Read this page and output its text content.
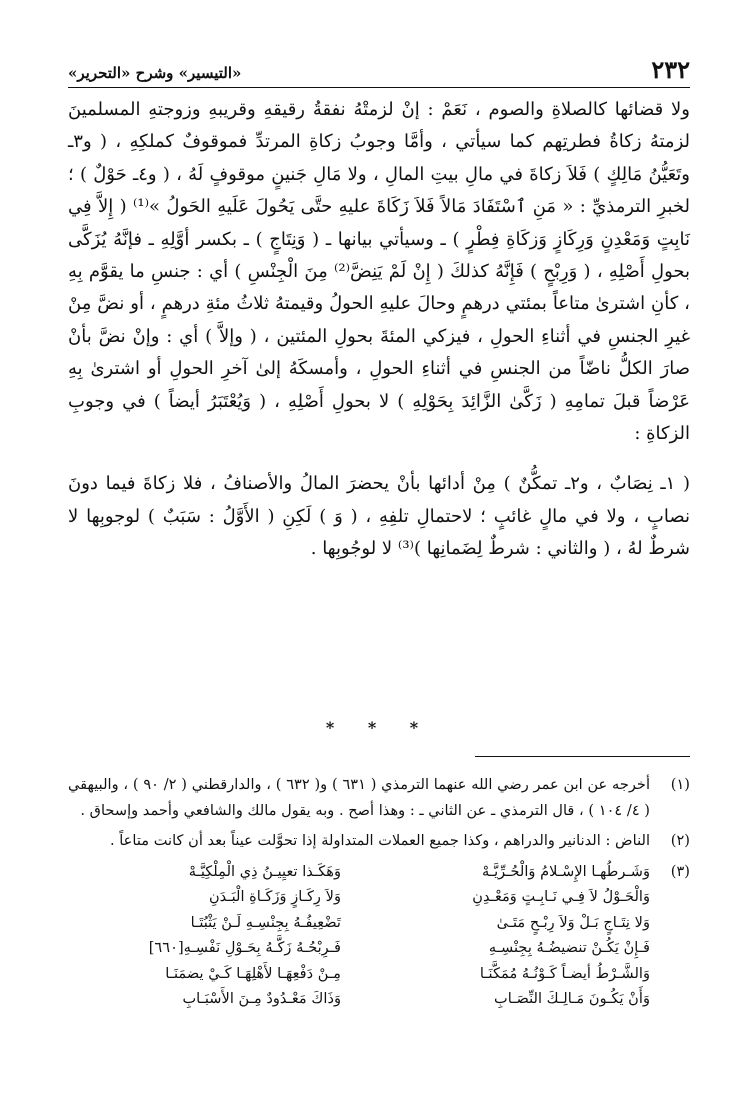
٢٣٢
«التيسير» وشرح «التحرير»

ولا قضائها كالصلاةِ والصوم ، نَعَمْ : إنْ لزمتْهُ نفقةُ رقيقهِ وقريبهِ وزوجتهِ المسلمينَ لزمتهُ زكاةُ فطرتِهم كما سيأتي ، وأمَّا وجوبُ زكاةِ المرتدِّ فموقوفٌ كملكِهِ ، ( و٣ـ وتَعَيُّنُ مَالِكٍ ) فَلاَ زكاةَ في مالِ بيتِ المالِ ، ولا مَالِ جَنينٍ موقوفٍ لَهُ ، ( و٤ـ حَوْلٌ ) ؛ لخبرِ الترمذيِّ : « مَنِ ٱسْتَفَادَ مَالاً فَلاَ زَكَاةَ عليهِ حتَّى يَحُولَ عَلَيهِ الحَولُ »⁽¹⁾ ( إِلاَّ فِي نَابِتٍ وَمَعْدِنٍ وَرِكَازٍ وَزكَاةِ فِطْرٍ ) ـ وسيأتي بيانها ـ ( وَنِتَاجٍ ) ـ بكسر أوَّلِهِ ـ فإنَّهُ يُزَكَّى بحولِ أَصْلِهِ ، ( وَرِبْحٍ ) فَإِنَّهُ كذلكَ ( إِنْ لَمْ يَنِضَّ⁽²⁾ مِنَ الْجِنْسِ ) أي : جنسِ ما يقوَّم بِهِ ، كأنِ اشترىٰ متاعاً بمئتي درهمٍ وحالَ عليهِ الحولُ وقيمتهُ ثلاثُ مئةِ درهمٍ ، أو نضَّ مِنْ غيرِ الجنسِ في أثناءِ الحولِ ، فيزكي المئةَ بحولِ المئتين ، ( وإلاَّ ) أي : وإنْ نضَّ بأنْ صارَ الكلُّ ناضّاً من الجنسِ في أثناءِ الحولِ ، وأمسكَهُ إلىٰ آخرِ الحولِ أو اشترىٰ بِهِ عَرْضاً قبلَ تمامِهِ ( زَكَّىٰ الزَّائِدَ بِحَوْلِهِ ) لا بحولِ أَصْلِهِ ، ( وَيُعْتَبَرُ أيضاً ) في وجوبِ الزكاةِ :

( ١ـ نِصَابٌ ، و٢ـ تمكُّنٌ ) مِنْ أدائها بأنْ يحضرَ المالُ والأصنافُ ، فلا زكاةَ فيما دونَ نصابٍ ، ولا في مالٍ غائبٍ ؛ لاحتمالِ تلفِهِ ، ( وَ ) لَكِنِ ( الأَوَّلُ : سَبَبٌ ) لوجوبِها لا شرطٌ لهُ ، ( والثاني : شرطٌ لِضَمانِها )⁽³⁾ لا لوجُوبِها .

* * *
(١)
أخرجه عن ابن عمر رضي الله عنهما الترمذي ( ٦٣١ ) و( ٦٣٢ ) ، والدارقطني ( ٢/ ٩٠ ) ، والبيهقي ( ٤/ ١٠٤ ) ، قال الترمذي ـ عن الثاني ـ : وهذا أصح . وبه يقول مالك والشافعي وأحمد وإسحاق .
(٢)
الناض : الدنانير والدراهم ، وكذا جميع العملات المتداولة إذا تحوَّلت عيناً بعد أن كانت متاعاً .
(٣)
وَشَـرطُهـا الإِسْـلامُ وَالْحُـرِّيَّـهْ
وَهَكَـذا تعيِيـنُ ذِي الْمِلْكِيَّـهْ
وَالْحَـوْلُ لاَ فِـي نَـابِـتٍ وَمَعْـدِنِ
وَلاَ رِكَـازٍ وَزَكَـاةِ الْبَـدَنِ
وَلا نِتَـاجٍ بَـلْ وَلاَ رِبْـحٍ مَتَـىٰ
تَضْعِيفُـهُ بِجِنْسِـهِ لَـنْ يَثْبُتَـا
فَـإِنْ يَكُـنْ تنضيضُـهُ بِجِنْسِـهِ
فَـرِبْحُـهُ زَكَّـهُ بِحَـوْلِ نَفْسِـهِ[٦٦٠]
وَالشَّـرْطُ أيضـاً كَـوْنُـهُ مُمَكَّنَـا
مِـنْ دَفْعِهَـا لأَهْلِهَـا كَـيْ يضمَنَـا
وَأَنْ يَكُـونَ مَـالِـكَ النِّصَـابِ
وَذَاكَ مَعْـدُودٌ مِـنَ الأَسْبَـابِ
